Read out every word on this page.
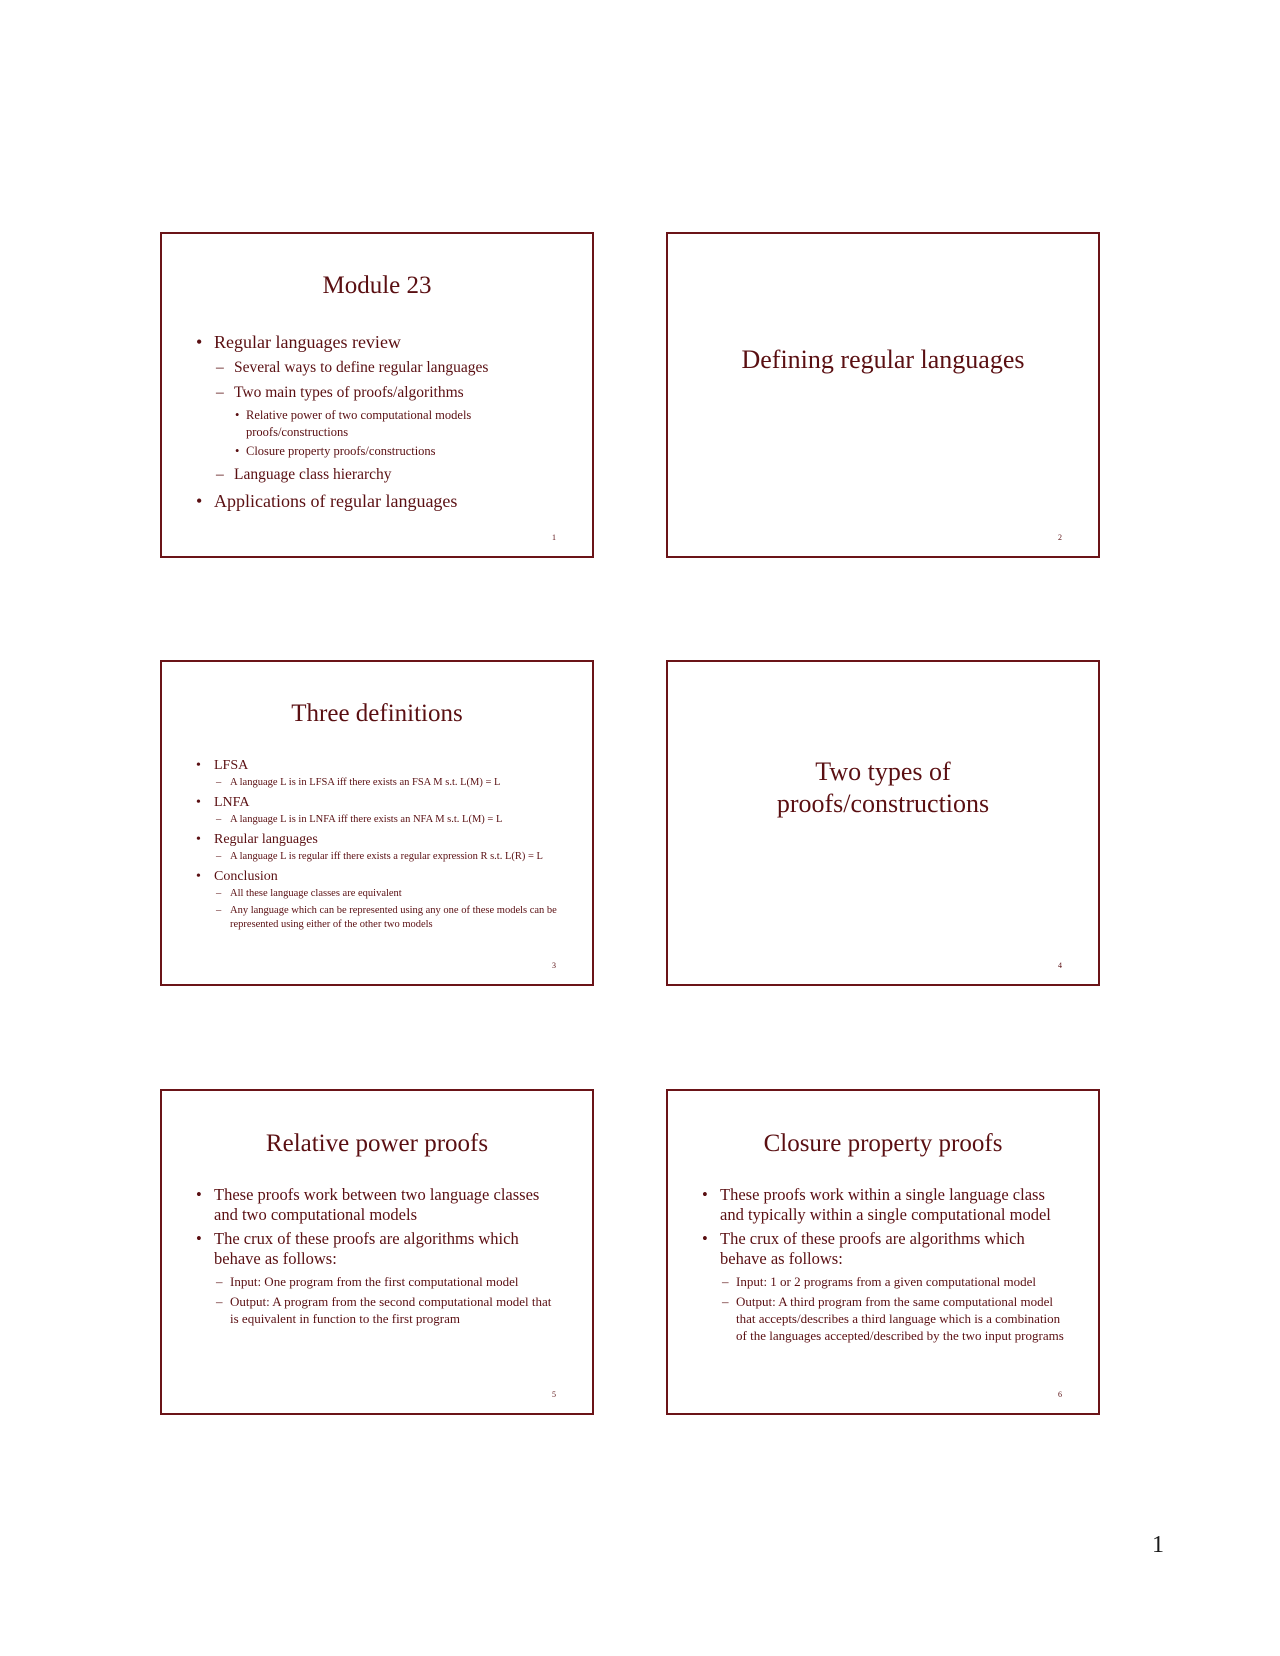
Module 23
• Regular languages review
– Several ways to define regular languages
– Two main types of proofs/algorithms
• Relative power of two computational models proofs/constructions
• Closure property proofs/constructions
– Language class hierarchy
• Applications of regular languages
1
Defining regular languages
2
Three definitions
• LFSA
– A language L is in LFSA iff there exists an FSA M s.t. L(M) = L
• LNFA
– A language L is in LNFA iff there exists an NFA M s.t. L(M) = L
• Regular languages
– A language L is regular iff there exists a regular expression R s.t. L(R) = L
• Conclusion
– All these language classes are equivalent
– Any language which can be represented using any one of these models can be represented using either of the other two models
3
Two types of
proofs/constructions
4
Relative power proofs
• These proofs work between two language classes and two computational models
• The crux of these proofs are algorithms which behave as follows:
– Input: One program from the first computational model
– Output: A program from the second computational model that is equivalent in function to the first program
5
Closure property proofs
• These proofs work within a single language class and typically within a single computational model
• The crux of these proofs are algorithms which behave as follows:
– Input: 1 or 2 programs from a given computational model
– Output: A third program from the same computational model that accepts/describes a third language which is a combination of the languages accepted/described by the two input programs
6
1
